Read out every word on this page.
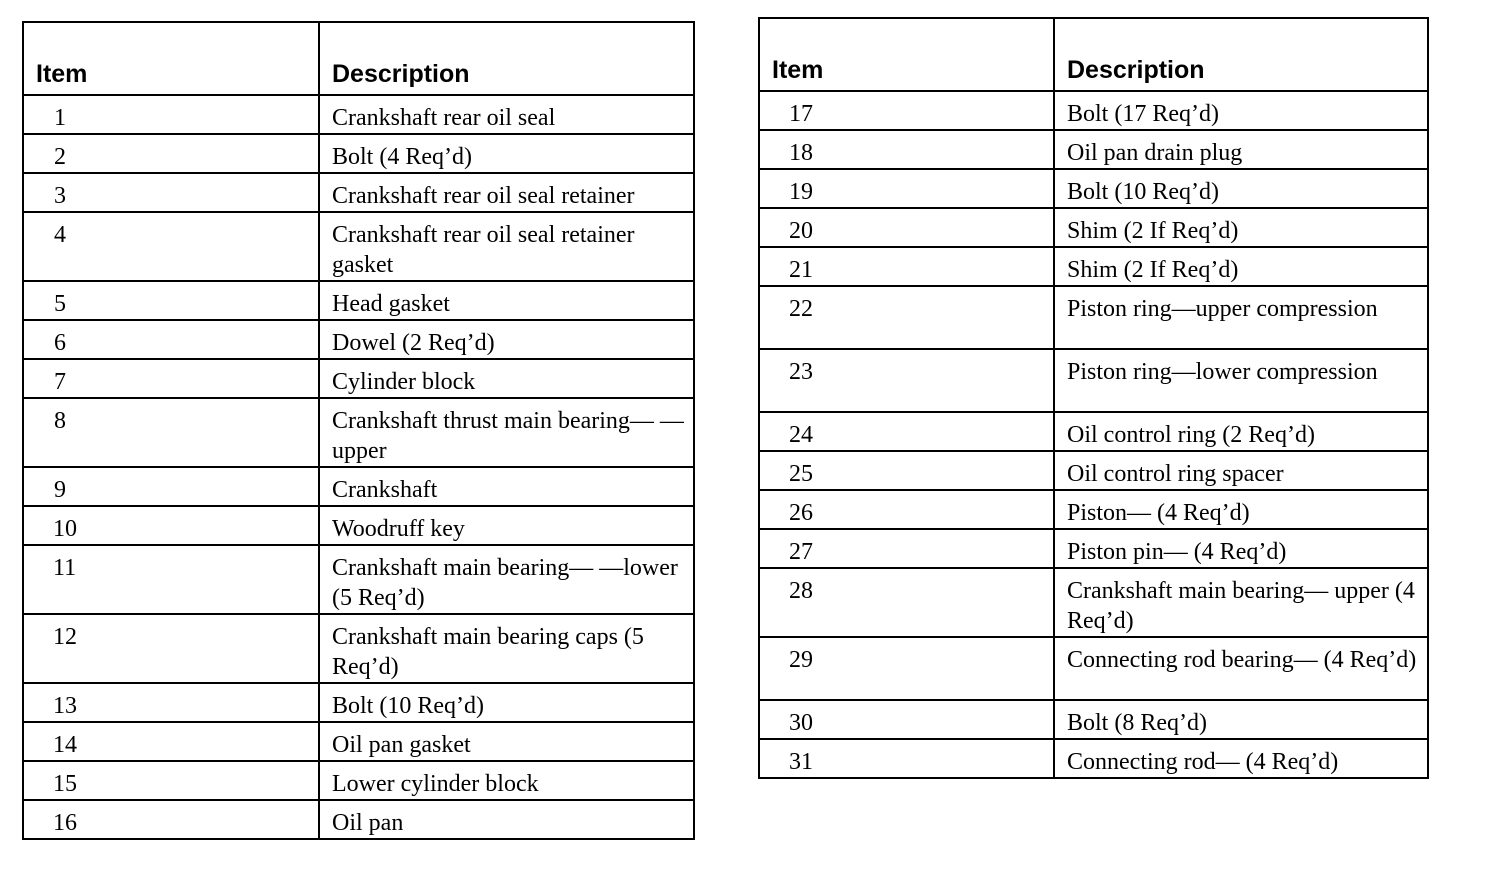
Item	Description
1	Crankshaft rear oil seal
2	Bolt (4 Req’d)
3	Crankshaft rear oil seal retainer
4	Crankshaft rear oil seal retainer gasket
5	Head gasket
6	Dowel (2 Req’d)
7	Cylinder block
8	Crankshaft thrust main bearing— —upper
9	Crankshaft
10	Woodruff key
11	Crankshaft main bearing— —lower (5 Req’d)
12	Crankshaft main bearing caps (5 Req’d)
13	Bolt (10 Req’d)
14	Oil pan gasket
15	Lower cylinder block
16	Oil pan
Item	Description
17	Bolt (17 Req’d)
18	Oil pan drain plug
19	Bolt (10 Req’d)
20	Shim (2 If Req’d)
21	Shim (2 If Req’d)
22	Piston ring—upper compression
23	Piston ring—lower compression
24	Oil control ring (2 Req’d)
25	Oil control ring spacer
26	Piston— (4 Req’d)
27	Piston pin— (4 Req’d)
28	Crankshaft main bearing— upper (4 Req’d)
29	Connecting rod bearing— (4 Req’d)
30	Bolt (8 Req’d)
31	Connecting rod— (4 Req’d)
